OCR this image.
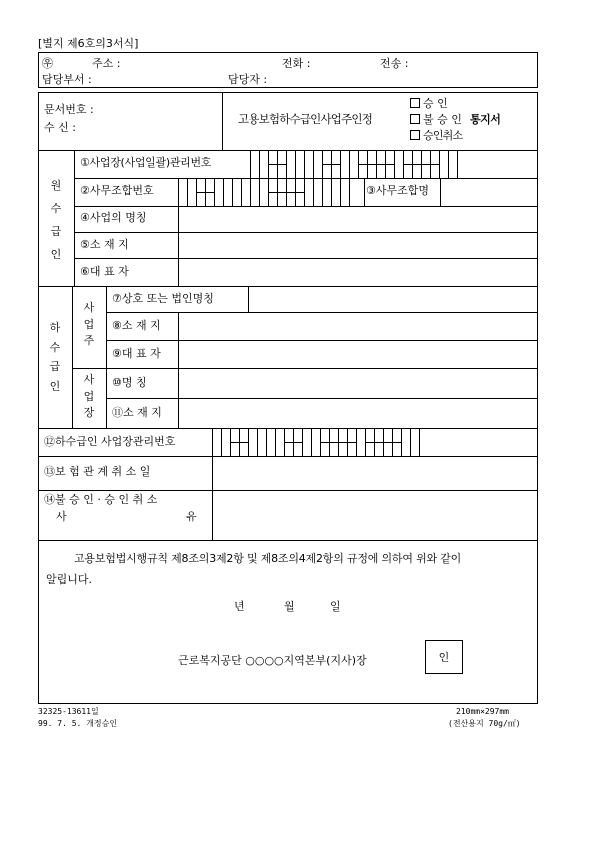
[별지 제6호의3서식]
㉾	주소 :	전화 :	전송 :
담당부서 :	담당자 :
문서번호 :
수 신 :
고용보험하수급인사업주인정
승 인
불 승 인
승인취소
통지서
원
수
급
인
①사업장(사업일괄)관리번호
②사무조합번호	③사무조합명
④사업의 명칭
⑤소 재 지
⑥대 표 자
하
수
급
인
사
업
주
사
업
장
⑦상호 또는 법인명칭
⑧소 재 지
⑨대 표 자
⑩명 칭
⑪소 재 지
⑫하수급인 사업장관리번호
⑬보 험 관 계 취 소 일
⑭불 승 인 · 승 인 취 소
사	유
고용보험법시행규칙 제8조의3제2항 및 제8조의4제2항의 규정에 의하여 위와 같이
알립니다.
년	월	일
근로복지공단 ○○○○지역본부(지사)장	인
32325-13611일
99. 7. 5. 개정승인
210mm×297mm
(전산용지 70g/㎡)
